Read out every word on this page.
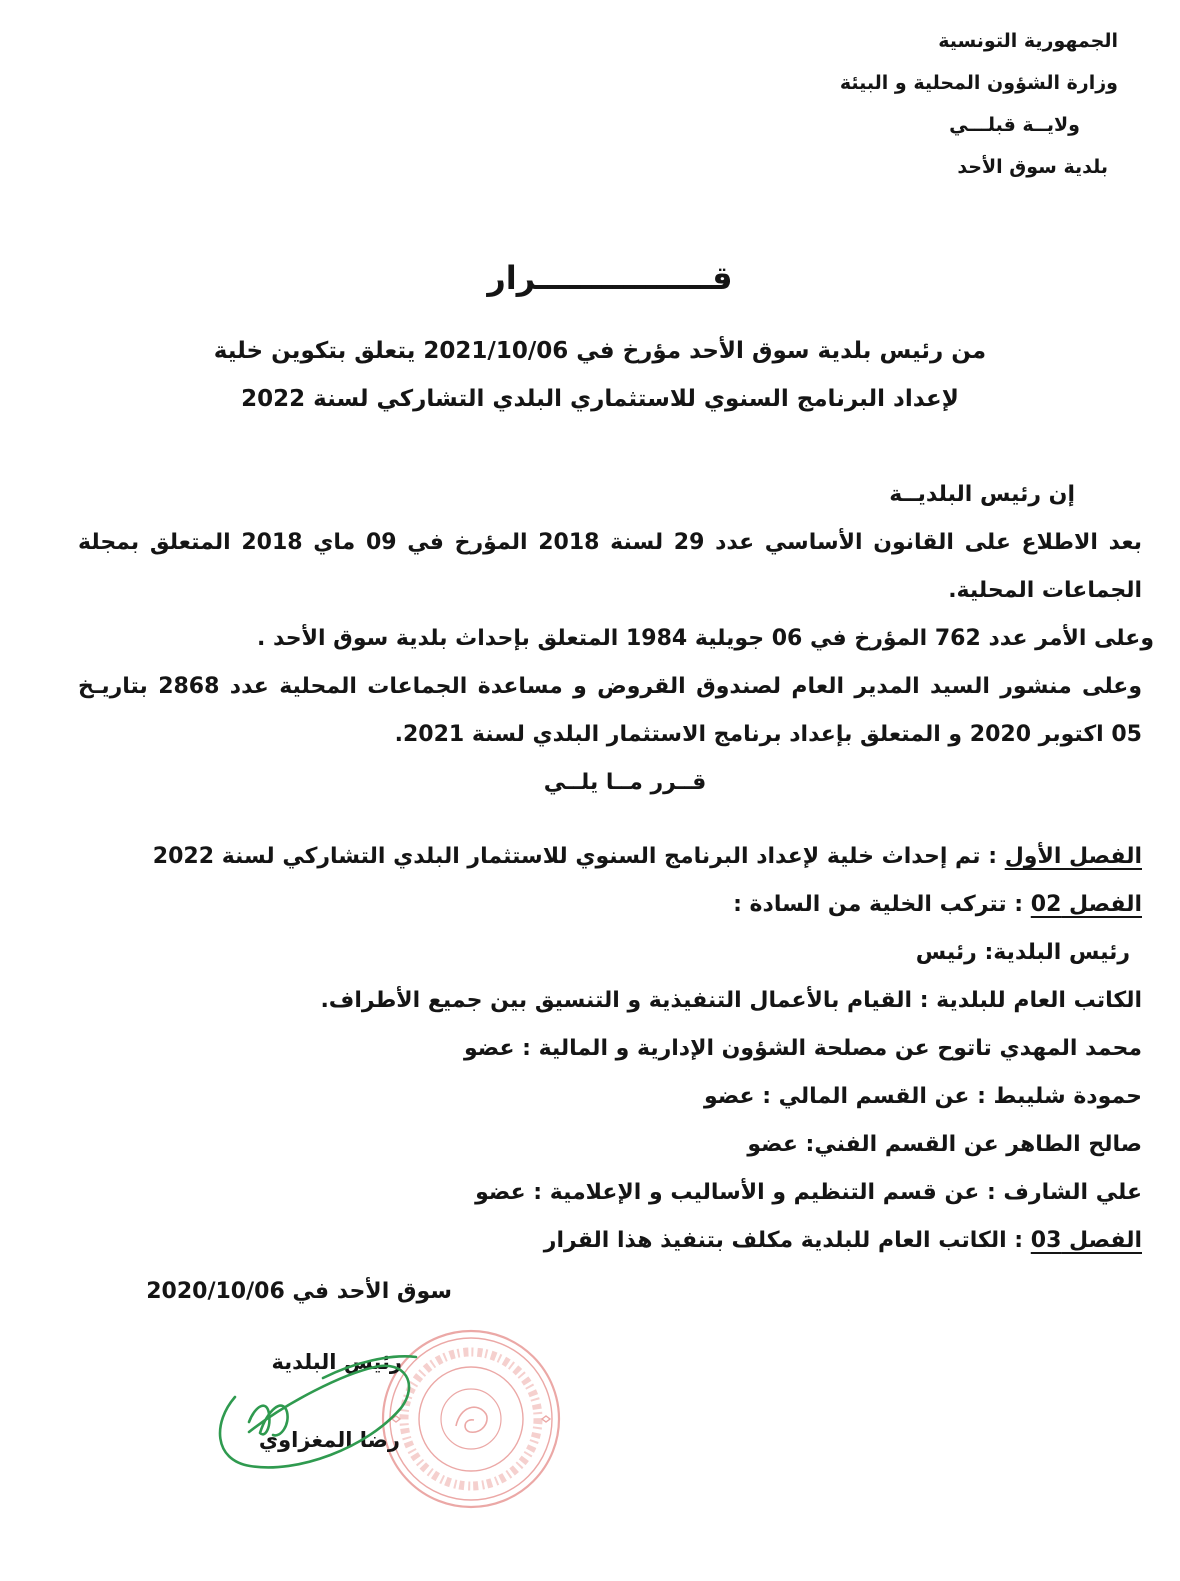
الجمهورية التونسية
وزارة الشؤون المحلية و البيئة
ولايــة قبلـــي
بلدية سوق الأحد
قــــــــــــــــرار
من رئيس بلدية سوق الأحد مؤرخ في 2021/10/06 يتعلق بتكوين خلية
لإعداد البرنامج السنوي للاستثماري البلدي التشاركي لسنة 2022
إن رئيس البلديــة
بعد الاطلاع على القانون الأساسي عدد 29 لسنة 2018 المؤرخ في 09 ماي 2018 المتعلق بمجلة الجماعات المحلية.
وعلى الأمر عدد 762 المؤرخ في 06 جويلية 1984 المتعلق بإحداث بلدية سوق الأحد .
وعلى منشور السيد المدير العام لصندوق القروض و مساعدة الجماعات المحلية عدد 2868 بتاريـخ 05 اكتوبر 2020 و المتعلق بإعداد برنامج الاستثمار البلدي لسنة 2021.
قــرر مــا يلــي
الفصل الأول : تم إحداث خلية لإعداد البرنامج السنوي للاستثمار البلدي التشاركي لسنة 2022
الفصل 02 : تتركب الخلية من السادة :
رئيس البلدية: رئيس
الكاتب العام للبلدية : القيام بالأعمال التنفيذية و التنسيق بين جميع الأطراف.
محمد المهدي تاتوح عن مصلحة الشؤون الإدارية و المالية : عضو
حمودة شليبط : عن القسم المالي : عضو
صالح الطاهر عن القسم الفني: عضو
علي الشارف : عن قسم التنظيم و الأساليب و الإعلامية : عضو
الفصل 03 : الكاتب العام للبلدية مكلف بتنفيذ هذا القرار
سوق الأحد في 2020/10/06
رئيس البلدية
رضا المغزاوي
